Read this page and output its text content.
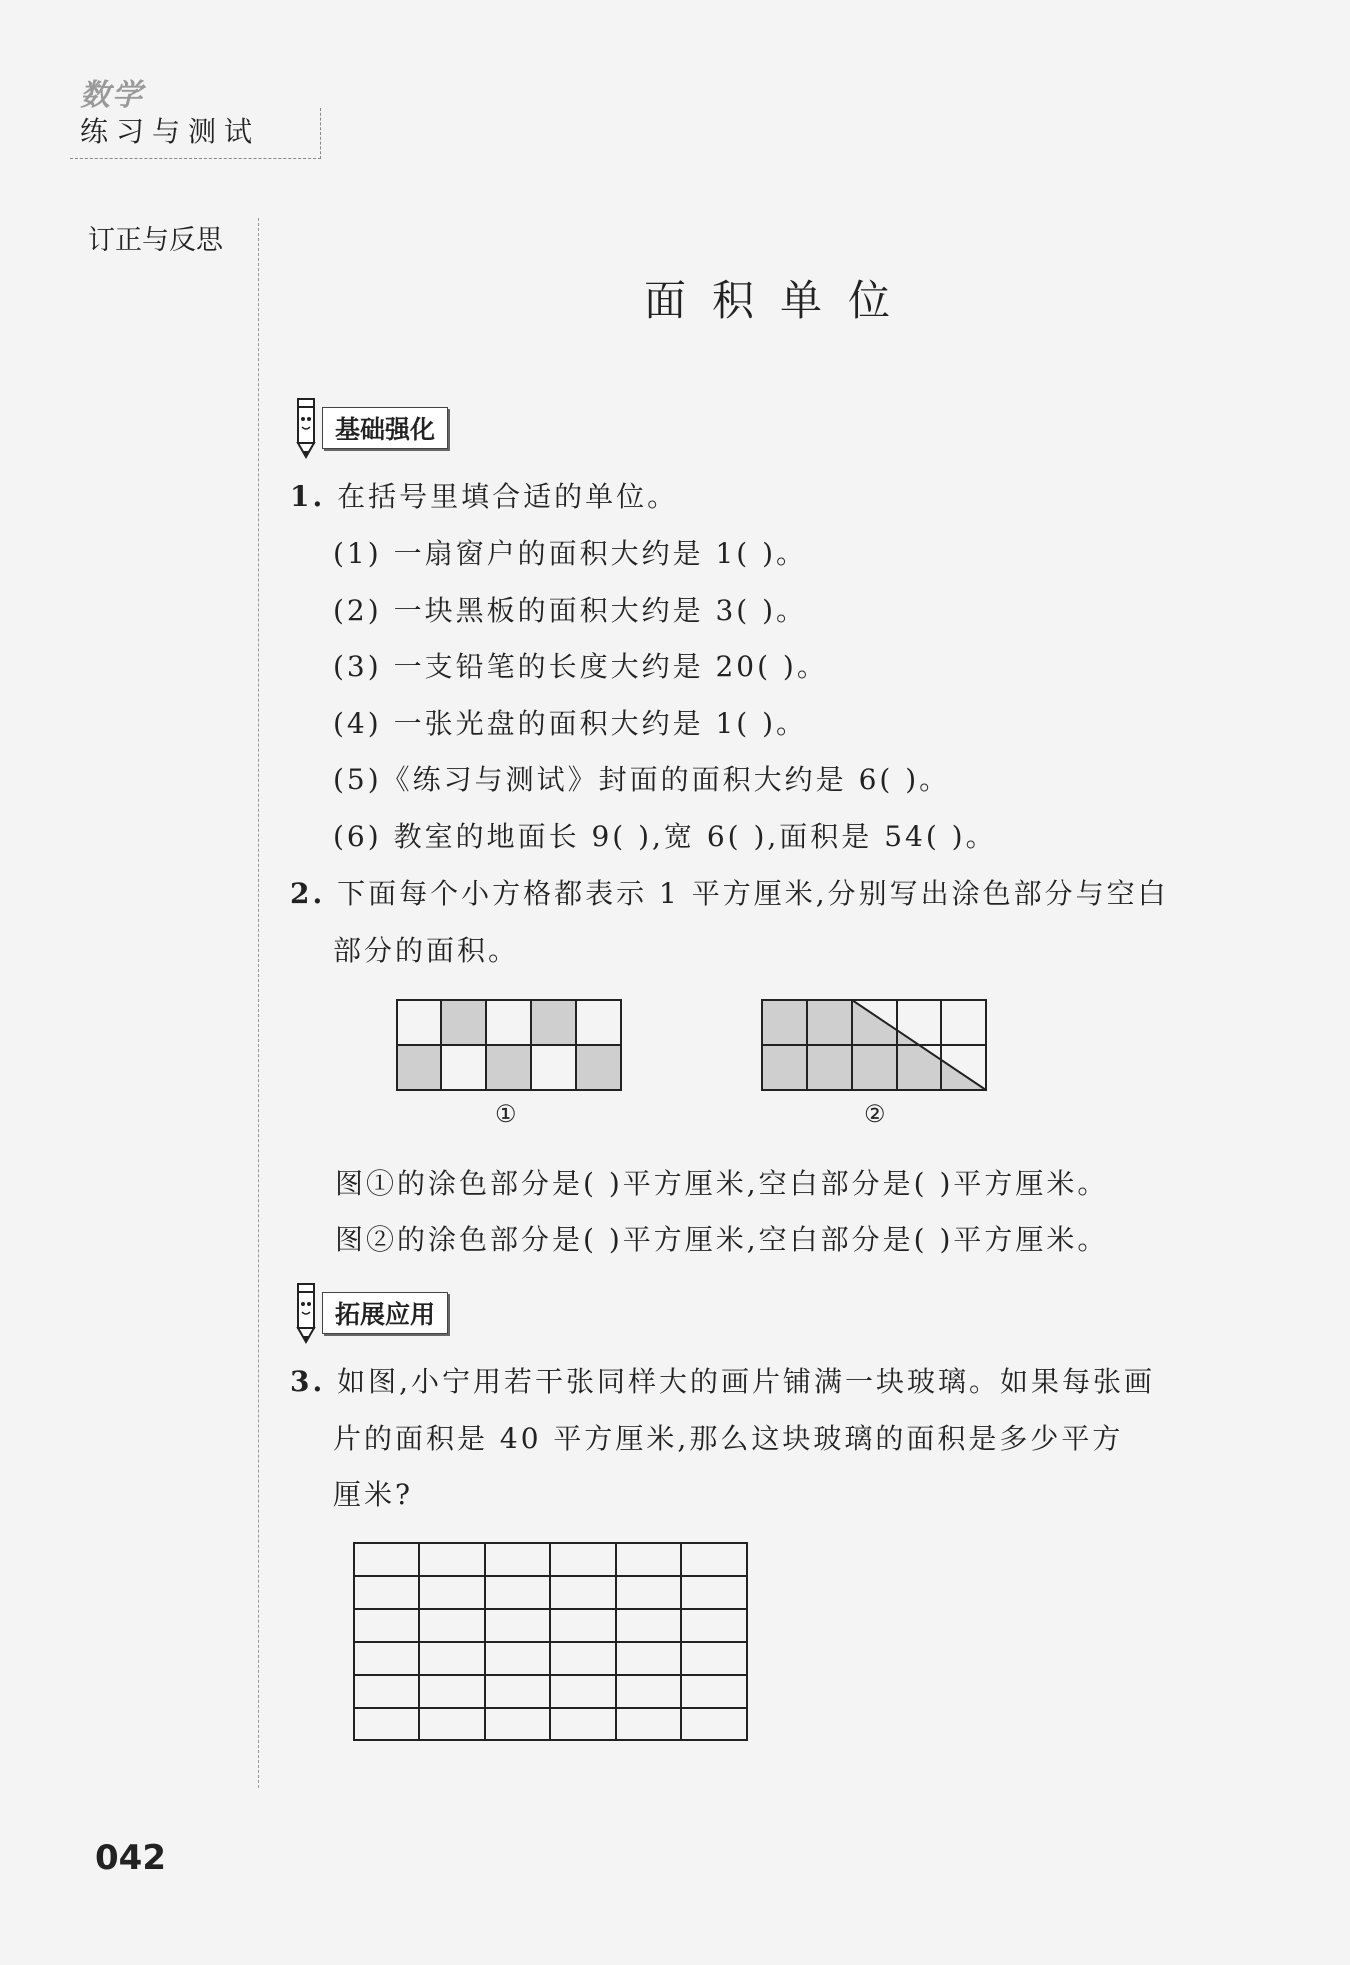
数学
练习与测试
订正与反思
面积单位
基础强化
1. 在括号里填合适的单位。
(1) 一扇窗户的面积大约是 1( )。
(2) 一块黑板的面积大约是 3( )。
(3) 一支铅笔的长度大约是 20( )。
(4) 一张光盘的面积大约是 1( )。
(5)《练习与测试》封面的面积大约是 6( )。
(6) 教室的地面长 9( ),宽 6( ),面积是 54( )。
2. 下面每个小方格都表示 1 平方厘米,分别写出涂色部分与空白
部分的面积。
①	②
图①的涂色部分是( )平方厘米,空白部分是( )平方厘米。
图②的涂色部分是( )平方厘米,空白部分是( )平方厘米。
拓展应用
3. 如图,小宁用若干张同样大的画片铺满一块玻璃。如果每张画
片的面积是 40 平方厘米,那么这块玻璃的面积是多少平方
厘米?
042
